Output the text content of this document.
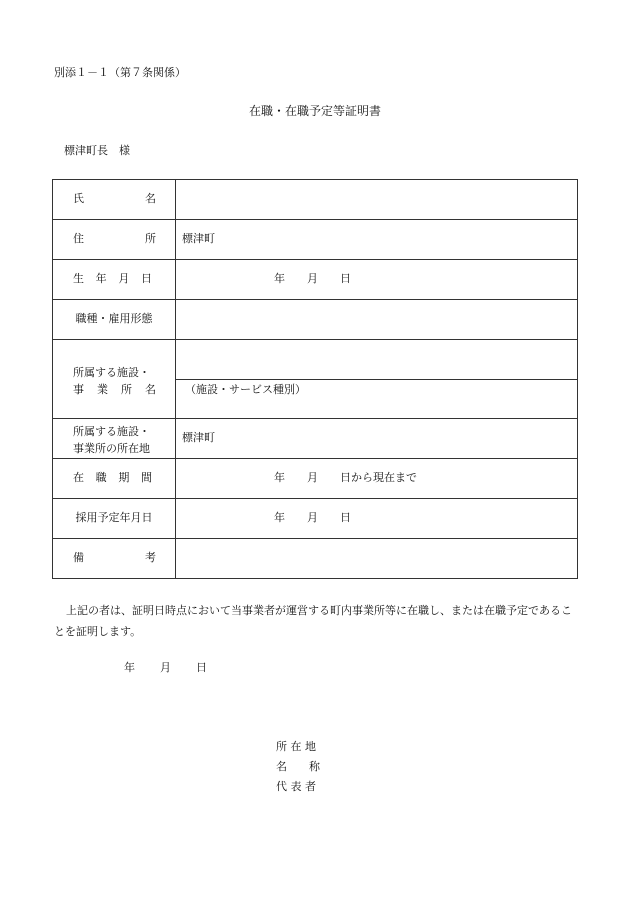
別添１－１（第７条関係）
在職・在職予定等証明書
標津町長　様
氏 名	

住 所	標津町

生 年 月 日	年 月 日

職種・雇用形態	

所属する施設・
事 業 所 名	（施設・サービス種別）

所属する施設・
事業所の所在地	標津町

在 職 期 間	年 月 日から現在まで

採用予定年月日	年 月 日

備 考	

上記の者は、証明日時点において当事業者が運営する町内事業所等に在職し、または在職予定であることを証明します。
年 月 日
所 在 地
名　　称
代 表 者
